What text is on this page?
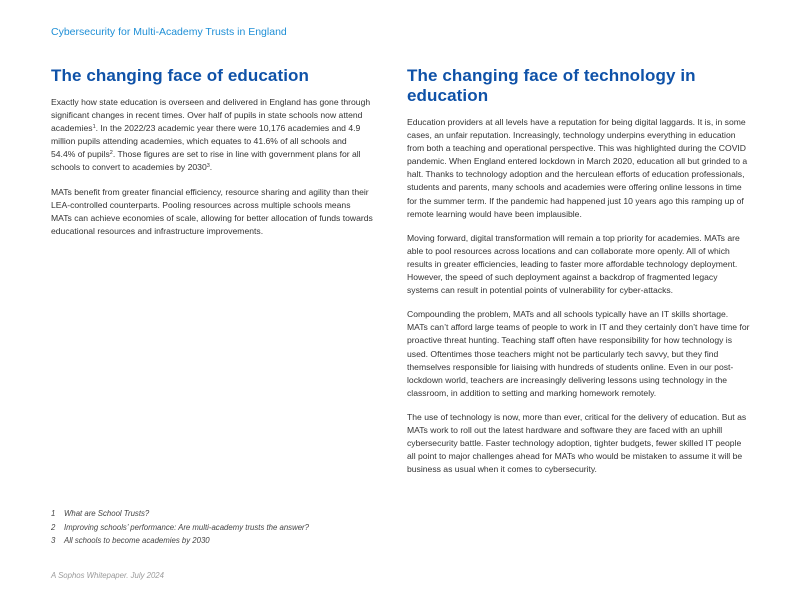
Cybersecurity for Multi-Academy Trusts in England
The changing face of education

Exactly how state education is overseen and delivered in England has gone through significant changes in recent times. Over half of pupils in state schools now attend academies$^1$. In the 2022/23 academic year there were 10,176 academies and 4.9 million pupils attending academies, which equates to 41.6% of all schools and 54.4% of pupils$^2$. Those figures are set to rise in line with government plans for all schools to convert to academies by 2030$^3$.

MATs benefit from greater financial efficiency, resource sharing and agility than their LEA-controlled counterparts. Pooling resources across multiple schools means MATs can achieve economies of scale, allowing for better allocation of funds towards educational resources and infrastructure improvements.

The changing face of technology in education

Education providers at all levels have a reputation for being digital laggards. It is, in some cases, an unfair reputation. Increasingly, technology underpins everything in education from both a teaching and operational perspective. This was highlighted during the COVID pandemic. When England entered lockdown in March 2020, education all but grinded to a halt. Thanks to technology adoption and the herculean efforts of education professionals, students and parents, many schools and academies were offering online lessons in time for the summer term. If the pandemic had happened just 10 years ago this ramping up of remote learning would have been implausible.

Moving forward, digital transformation will remain a top priority for academies. MATs are able to pool resources across locations and can collaborate more openly. All of which results in greater efficiencies, leading to faster more affordable technology deployment. However, the speed of such deployment against a backdrop of fragmented legacy systems can result in potential points of vulnerability for cyber-attacks.

Compounding the problem, MATs and all schools typically have an IT skills shortage. MATs can’t afford large teams of people to work in IT and they certainly don’t have time for proactive threat hunting. Teaching staff often have responsibility for how technology is used. Oftentimes those teachers might not be particularly tech savvy, but they find themselves responsible for liaising with hundreds of students online. Even in our post-lockdown world, teachers are increasingly delivering lessons using technology in the classroom, in addition to setting and marking homework remotely.

The use of technology is now, more than ever, critical for the delivery of education. But as MATs work to roll out the latest hardware and software they are faced with an uphill cybersecurity battle. Faster technology adoption, tighter budgets, fewer skilled IT people all point to major challenges ahead for MATs who would be mistaken to assume it will be business as usual when it comes to cybersecurity.

1 What are School Trusts?
2 Improving schools’ performance: Are multi-academy trusts the answer?
3 All schools to become academies by 2030
A Sophos Whitepaper. July 2024
